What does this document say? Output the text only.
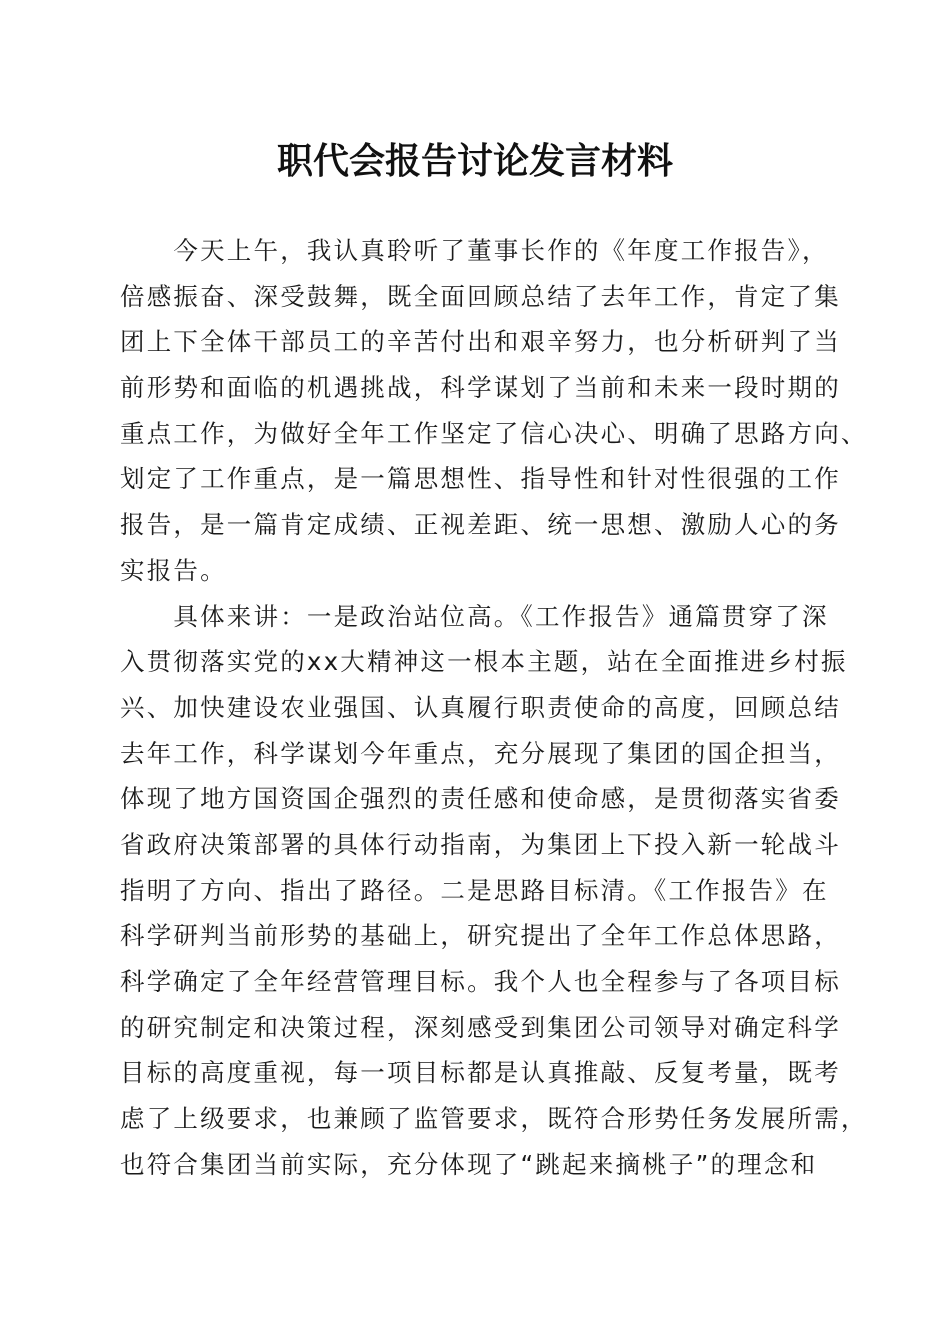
职代会报告讨论发言材料
　　今天上午，我认真聆听了董事长作的《年度工作报告》，
倍感振奋、深受鼓舞，既全面回顾总结了去年工作，肯定了集
团上下全体干部员工的辛苦付出和艰辛努力，也分析研判了当
前形势和面临的机遇挑战，科学谋划了当前和未来一段时期的
重点工作，为做好全年工作坚定了信心决心、明确了思路方向、
划定了工作重点，是一篇思想性、指导性和针对性很强的工作
报告，是一篇肯定成绩、正视差距、统一思想、激励人心的务
实报告。
　　具体来讲：一是政治站位高。《工作报告》通篇贯穿了深
入贯彻落实党的xx大精神这一根本主题，站在全面推进乡村振
兴、加快建设农业强国、认真履行职责使命的高度，回顾总结
去年工作，科学谋划今年重点，充分展现了集团的国企担当，
体现了地方国资国企强烈的责任感和使命感，是贯彻落实省委
省政府决策部署的具体行动指南，为集团上下投入新一轮战斗
指明了方向、指出了路径。二是思路目标清。《工作报告》在
科学研判当前形势的基础上，研究提出了全年工作总体思路，
科学确定了全年经营管理目标。我个人也全程参与了各项目标
的研究制定和决策过程，深刻感受到集团公司领导对确定科学
目标的高度重视，每一项目标都是认真推敲、反复考量，既考
虑了上级要求，也兼顾了监管要求，既符合形势任务发展所需，
也符合集团当前实际，充分体现了“跳起来摘桃子”的理念和
